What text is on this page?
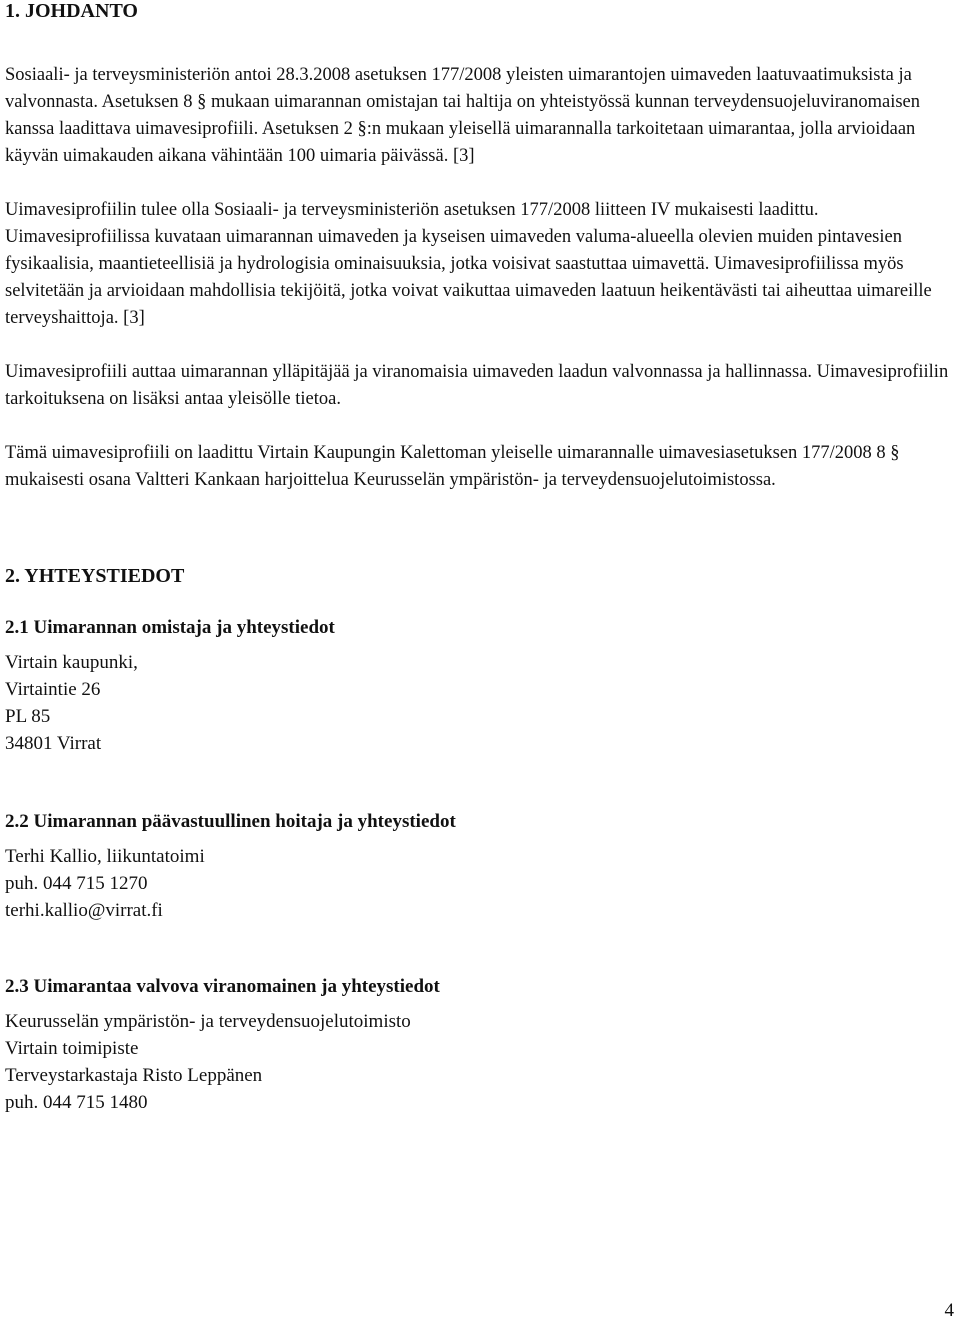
1. JOHDANTO

Sosiaali- ja terveysministeriön antoi 28.3.2008 asetuksen 177/2008 yleisten uimarantojen uimaveden laatuvaatimuksista ja valvonnasta. Asetuksen 8 § mukaan uimarannan omistajan tai haltija on yhteistyössä kunnan terveydensuojeluviranomaisen kanssa laadittava uimavesiprofiili. Asetuksen 2 §:n mukaan yleisellä uimarannalla tarkoitetaan uimarantaa, jolla arvioidaan käyvän uimakauden aikana vähintään 100 uimaria päivässä. [3]

Uimavesiprofiilin tulee olla Sosiaali- ja terveysministeriön asetuksen 177/2008 liitteen IV mukaisesti laadittu. Uimavesiprofiilissa kuvataan uimarannan uimaveden ja kyseisen uimaveden valuma-alueella olevien muiden pintavesien fysikaalisia, maantieteellisiä ja hydrologisia ominaisuuksia, jotka voisivat saastuttaa uimavettä. Uimavesiprofiilissa myös selvitetään ja arvioidaan mahdollisia tekijöitä, jotka voivat vaikuttaa uimaveden laatuun heikentävästi tai aiheuttaa uimareille terveyshaittoja. [3]

Uimavesiprofiili auttaa uimarannan ylläpitäjää ja viranomaisia uimaveden laadun valvonnassa ja hallinnassa. Uimavesiprofiilin tarkoituksena on lisäksi antaa yleisölle tietoa.

Tämä uimavesiprofiili on laadittu Virtain Kaupungin Kalettoman yleiselle uimarannalle uimavesiasetuksen 177/2008 8 § mukaisesti osana Valtteri Kankaan harjoittelua Keurusselän ympäristön- ja terveydensuojelutoimistossa.

2. YHTEYSTIEDOT
2.1 Uimarannan omistaja ja yhteystiedot

Virtain kaupunki,

Virtaintie 26

PL 85

34801 Virrat

2.2 Uimarannan päävastuullinen hoitaja ja yhteystiedot

Terhi Kallio, liikuntatoimi

puh. 044 715 1270

terhi.kallio@virrat.fi

2.3 Uimarantaa valvova viranomainen ja yhteystiedot

Keurusselän ympäristön- ja terveydensuojelutoimisto

Virtain toimipiste

Terveystarkastaja Risto Leppänen

puh. 044 715 1480

4
